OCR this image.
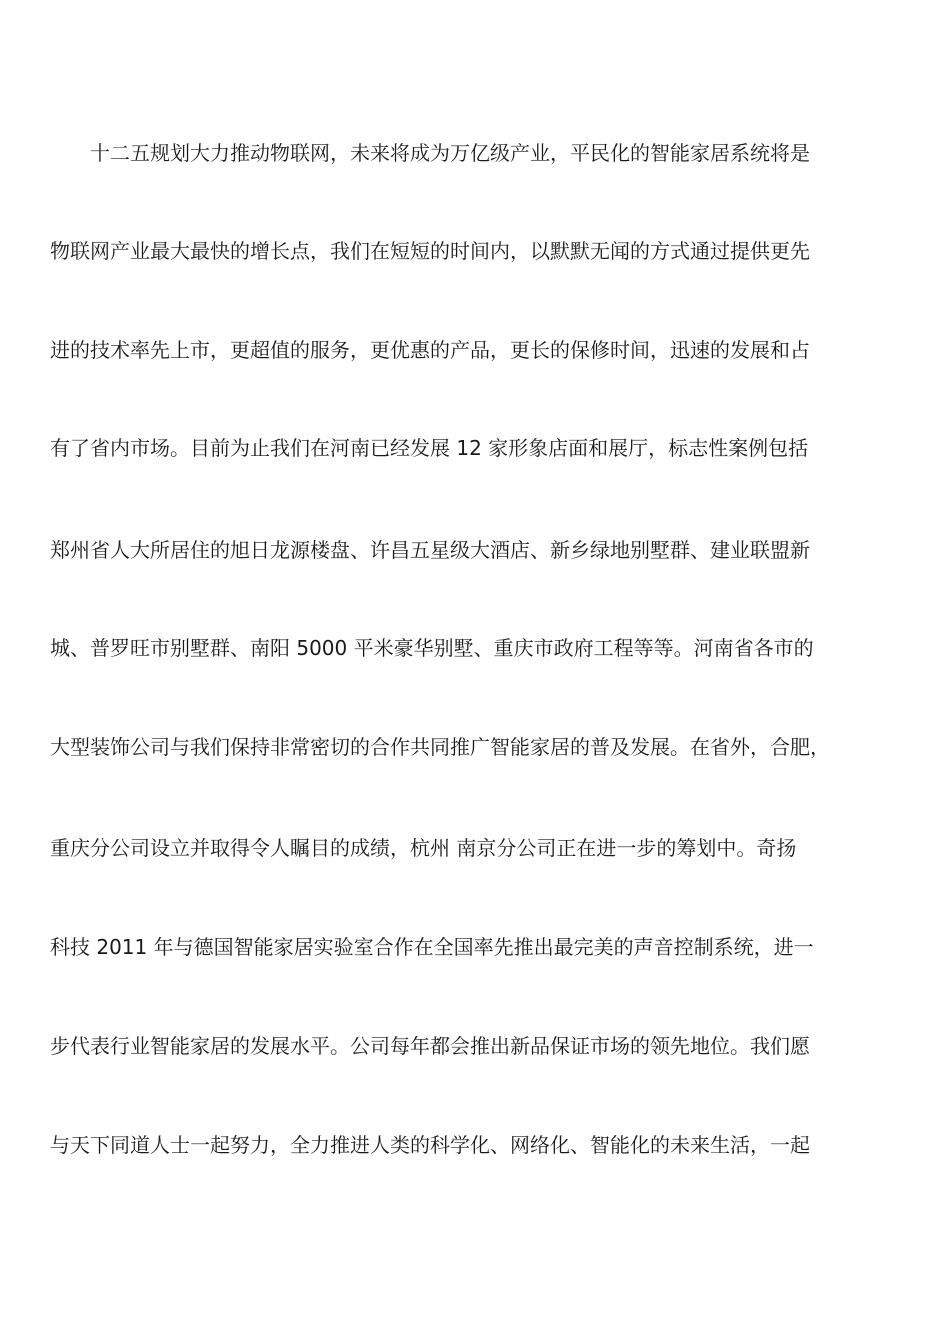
十二五规划大力推动物联网，未来将成为万亿级产业，平民化的智能家居系统将是
物联网产业最大最快的增长点，我们在短短的时间内，以默默无闻的方式通过提供更先
进的技术率先上市，更超值的服务，更优惠的产品，更长的保修时间，迅速的发展和占
有了省内市场。目前为止我们在河南已经发展 12 家形象店面和展厅，标志性案例包括
郑州省人大所居住的旭日龙源楼盘、许昌五星级大酒店、新乡绿地别墅群、建业联盟新
城、普罗旺市别墅群、南阳 5000 平米豪华别墅、重庆市政府工程等等。河南省各市的
大型装饰公司与我们保持非常密切的合作共同推广智能家居的普及发展。在省外，合肥，
重庆分公司设立并取得令人瞩目的成绩，杭州 南京分公司正在进一步的筹划中。奇扬
科技 2011 年与德国智能家居实验室合作在全国率先推出最完美的声音控制系统，进一
步代表行业智能家居的发展水平。公司每年都会推出新品保证市场的领先地位。我们愿
与天下同道人士一起努力，全力推进人类的科学化、网络化、智能化的未来生活，一起
